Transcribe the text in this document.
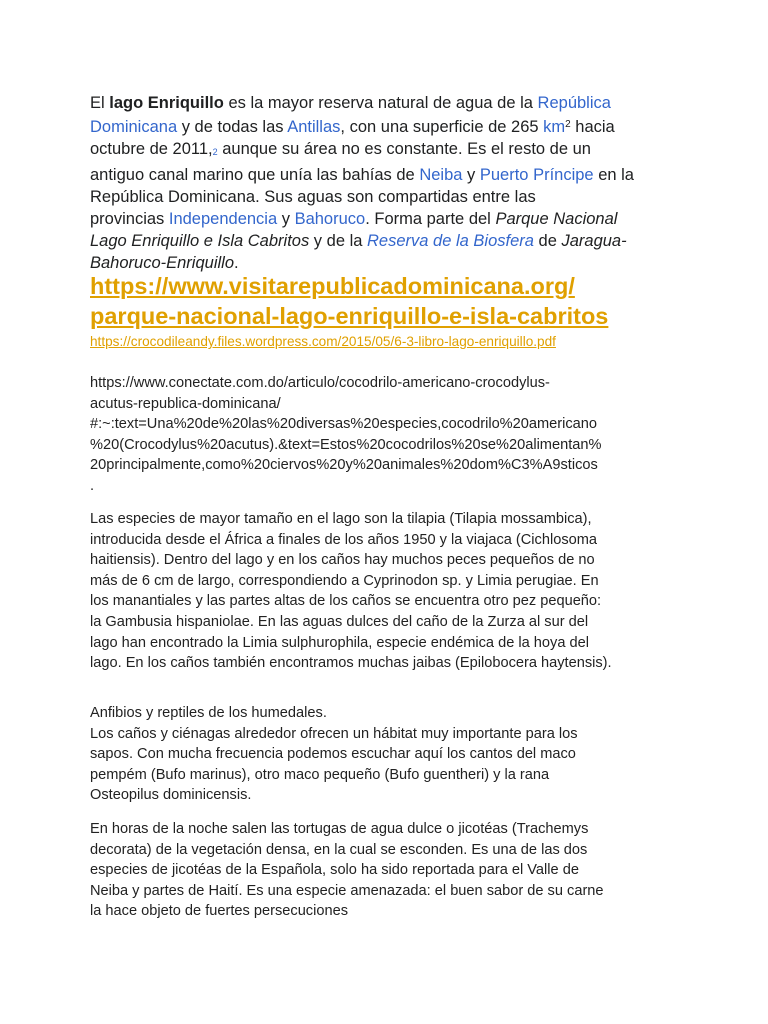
El lago Enriquillo es la mayor reserva natural de agua de la República
Dominicana y de todas las Antillas, con una superficie de 265 $km^2$ hacia
octubre de 2011,$^2$ aunque su área no es constante. Es el resto de un
antiguo canal marino que unía las bahías de Neiba y Puerto Príncipe en la
República Dominicana. Sus aguas son compartidas entre las
provincias Independencia y Bahoruco. Forma parte del Parque Nacional
Lago Enriquillo e Isla Cabritos y de la Reserva de la Biosfera de Jaragua-
Bahoruco-Enriquillo.
https://www.visitarepublicadominicana.org/
parque-nacional-lago-enriquillo-e-isla-cabritos
https://crocodileandy.files.wordpress.com/2015/05/6-3-libro-lago-enriquillo.pdf
https://www.conectate.com.do/articulo/cocodrilo-americano-crocodylus-
acutus-republica-dominicana/
#:~:text=Una%20de%20las%20diversas%20especies,cocodrilo%20americano
%20(Crocodylus%20acutus).&text=Estos%20cocodrilos%20se%20alimentan%
20principalmente,como%20ciervos%20y%20animales%20dom%C3%A9sticos
.
Las especies de mayor tamaño en el lago son la tilapia (Tilapia mossambica),
introducida desde el África a finales de los años 1950 y la viajaca (Cichlosoma
haitiensis). Dentro del lago y en los caños hay muchos peces pequeños de no
más de 6 cm de largo, correspondiendo a Cyprinodon sp. y Limia perugiae. En
los manantiales y las partes altas de los caños se encuentra otro pez pequeño:
la Gambusia hispaniolae. En las aguas dulces del caño de la Zurza al sur del
lago han encontrado la Limia sulphurophila, especie endémica de la hoya del
lago. En los caños también encontramos muchas jaibas (Epilobocera haytensis).
Anfibios y reptiles de los humedales.
Los caños y ciénagas alrededor ofrecen un hábitat muy importante para los
sapos. Con mucha frecuencia podemos escuchar aquí los cantos del maco
pempém (Bufo marinus), otro maco pequeño (Bufo guentheri) y la rana
Osteopilus dominicensis.
En horas de la noche salen las tortugas de agua dulce o jicotéas (Trachemys
decorata) de la vegetación densa, en la cual se esconden. Es una de las dos
especies de jicotéas de la Española, solo ha sido reportada para el Valle de
Neiba y partes de Haití. Es una especie amenazada: el buen sabor de su carne
la hace objeto de fuertes persecuciones
